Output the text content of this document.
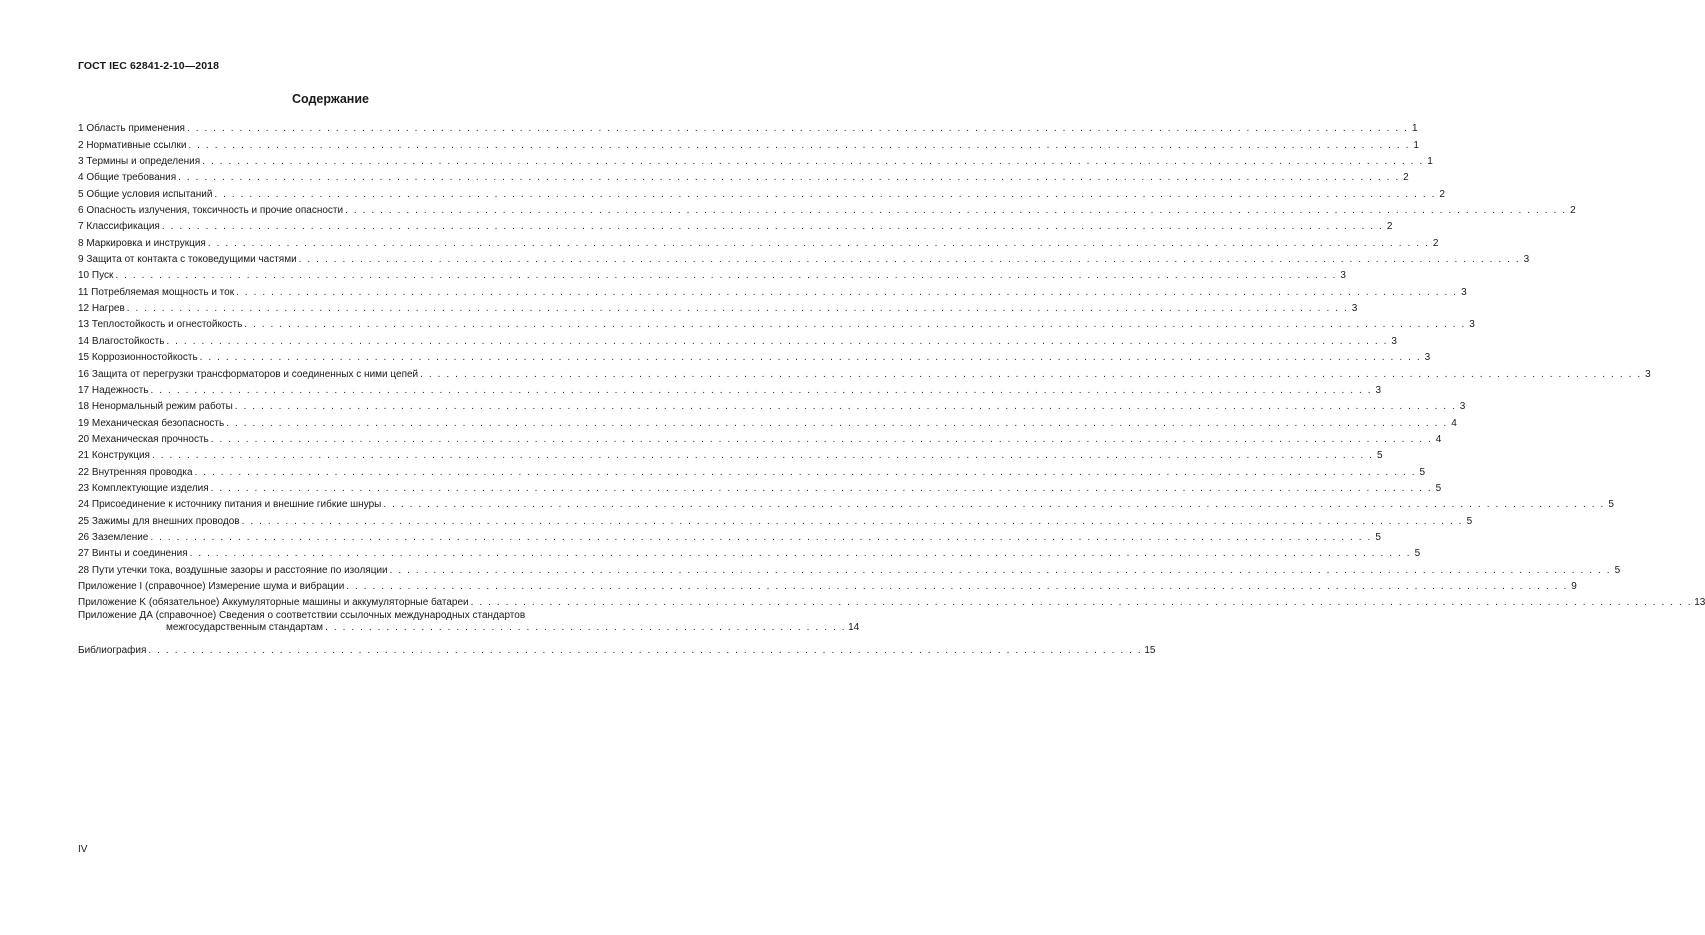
ГОСТ IEC 62841-2-10—2018
Содержание
1 Область применения . . . . . . . . . . . . . . . . . . . . . . . . . . . . . . . . . . . . . . . . . . . . . . . . . . . . . . . . . . . . . . . . . . . . . . . . . . . . . . . . . . . . . . . . . . . . . . . . . . . . . . . . . . . . . . . . . . . . . . . . . . . . . . . . . . . . . . . . . . . . 1
2 Нормативные ссылки . . . . . . . . . . . . . . . . . . . . . . . . . . . . . . . . . . . . . . . . . . . . . . . . . . . . . . . . . . . . . . . . . . . . . . . . . . . . . . . . . . . . . . . . . . . . . . . . . . . . . . . . . . . . . . . . . . . . . . . . . . . . . . . . . . . . . . . . . . . . 1
3 Термины и определения . . . . . . . . . . . . . . . . . . . . . . . . . . . . . . . . . . . . . . . . . . . . . . . . . . . . . . . . . . . . . . . . . . . . . . . . . . . . . . . . . . . . . . . . . . . . . . . . . . . . . . . . . . . . . . . . . . . . . . . . . . . . . . . . . . . . . . . . . . . . 1
4 Общие требования . . . . . . . . . . . . . . . . . . . . . . . . . . . . . . . . . . . . . . . . . . . . . . . . . . . . . . . . . . . . . . . . . . . . . . . . . . . . . . . . . . . . . . . . . . . . . . . . . . . . . . . . . . . . . . . . . . . . . . . . . . . . . . . . . . . . . . . . . . . . 2
5 Общие условия испытаний . . . . . . . . . . . . . . . . . . . . . . . . . . . . . . . . . . . . . . . . . . . . . . . . . . . . . . . . . . . . . . . . . . . . . . . . . . . . . . . . . . . . . . . . . . . . . . . . . . . . . . . . . . . . . . . . . . . . . . . . . . . . . . . . . . . . . . . . . . . . 2
6 Опасность излучения, токсичность и прочие опасности . . . . . . . . . . . . . . . . . . . . . . . . . . . . . . . . . . . . . . . . . . . . . . . . . . . . . . . . . . . . . . . . . . . . . . . . . . . . . . . . . . . . . . . . . . . . . . . . . . . . . . . . . . . . . . . . . . . . . . . . . . . . . . . . . . . . . . . . . . . . 2
7 Классификация . . . . . . . . . . . . . . . . . . . . . . . . . . . . . . . . . . . . . . . . . . . . . . . . . . . . . . . . . . . . . . . . . . . . . . . . . . . . . . . . . . . . . . . . . . . . . . . . . . . . . . . . . . . . . . . . . . . . . . . . . . . . . . . . . . . . . . . . . . . . 2
8 Маркировка и инструкция . . . . . . . . . . . . . . . . . . . . . . . . . . . . . . . . . . . . . . . . . . . . . . . . . . . . . . . . . . . . . . . . . . . . . . . . . . . . . . . . . . . . . . . . . . . . . . . . . . . . . . . . . . . . . . . . . . . . . . . . . . . . . . . . . . . . . . . . . . . . 2
9 Защита от контакта с токоведущими частями . . . . . . . . . . . . . . . . . . . . . . . . . . . . . . . . . . . . . . . . . . . . . . . . . . . . . . . . . . . . . . . . . . . . . . . . . . . . . . . . . . . . . . . . . . . . . . . . . . . . . . . . . . . . . . . . . . . . . . . . . . . . . . . . . . . . . . . . . . . . 3
10 Пуск . . . . . . . . . . . . . . . . . . . . . . . . . . . . . . . . . . . . . . . . . . . . . . . . . . . . . . . . . . . . . . . . . . . . . . . . . . . . . . . . . . . . . . . . . . . . . . . . . . . . . . . . . . . . . . . . . . . . . . . . . . . . . . . . . . . . . . . . . . . . 3
11 Потребляемая мощность и ток . . . . . . . . . . . . . . . . . . . . . . . . . . . . . . . . . . . . . . . . . . . . . . . . . . . . . . . . . . . . . . . . . . . . . . . . . . . . . . . . . . . . . . . . . . . . . . . . . . . . . . . . . . . . . . . . . . . . . . . . . . . . . . . . . . . . . . . . . . . . 3
12 Нагрев . . . . . . . . . . . . . . . . . . . . . . . . . . . . . . . . . . . . . . . . . . . . . . . . . . . . . . . . . . . . . . . . . . . . . . . . . . . . . . . . . . . . . . . . . . . . . . . . . . . . . . . . . . . . . . . . . . . . . . . . . . . . . . . . . . . . . . . . . . . . 3
13 Теплостойкость и огнестойкость . . . . . . . . . . . . . . . . . . . . . . . . . . . . . . . . . . . . . . . . . . . . . . . . . . . . . . . . . . . . . . . . . . . . . . . . . . . . . . . . . . . . . . . . . . . . . . . . . . . . . . . . . . . . . . . . . . . . . . . . . . . . . . . . . . . . . . . . . . . . 3
14 Влагостойкость . . . . . . . . . . . . . . . . . . . . . . . . . . . . . . . . . . . . . . . . . . . . . . . . . . . . . . . . . . . . . . . . . . . . . . . . . . . . . . . . . . . . . . . . . . . . . . . . . . . . . . . . . . . . . . . . . . . . . . . . . . . . . . . . . . . . . . . . . . . . 3
15 Коррозионностойкость . . . . . . . . . . . . . . . . . . . . . . . . . . . . . . . . . . . . . . . . . . . . . . . . . . . . . . . . . . . . . . . . . . . . . . . . . . . . . . . . . . . . . . . . . . . . . . . . . . . . . . . . . . . . . . . . . . . . . . . . . . . . . . . . . . . . . . . . . . . . 3
16 Защита от перегрузки трансформаторов и соединенных с ними цепей . . . . . . . . . . . . . . . . . . . . . . . . . . . . . . . . . . . . . . . . . . . . . . . . . . . . . . . . . . . . . . . . . . . . . . . . . . . . . . . . . . . . . . . . . . . . . . . . . . . . . . . . . . . . . . . . . . . . . . . . . . . . . . . . . . . . . . . . . . . . 3
17 Надежность . . . . . . . . . . . . . . . . . . . . . . . . . . . . . . . . . . . . . . . . . . . . . . . . . . . . . . . . . . . . . . . . . . . . . . . . . . . . . . . . . . . . . . . . . . . . . . . . . . . . . . . . . . . . . . . . . . . . . . . . . . . . . . . . . . . . . . . . . . . . 3
18 Ненормальный режим работы . . . . . . . . . . . . . . . . . . . . . . . . . . . . . . . . . . . . . . . . . . . . . . . . . . . . . . . . . . . . . . . . . . . . . . . . . . . . . . . . . . . . . . . . . . . . . . . . . . . . . . . . . . . . . . . . . . . . . . . . . . . . . . . . . . . . . . . . . . . . 3
19 Механическая безопасность . . . . . . . . . . . . . . . . . . . . . . . . . . . . . . . . . . . . . . . . . . . . . . . . . . . . . . . . . . . . . . . . . . . . . . . . . . . . . . . . . . . . . . . . . . . . . . . . . . . . . . . . . . . . . . . . . . . . . . . . . . . . . . . . . . . . . . . . . . . . 4
20 Механическая прочность . . . . . . . . . . . . . . . . . . . . . . . . . . . . . . . . . . . . . . . . . . . . . . . . . . . . . . . . . . . . . . . . . . . . . . . . . . . . . . . . . . . . . . . . . . . . . . . . . . . . . . . . . . . . . . . . . . . . . . . . . . . . . . . . . . . . . . . . . . . . 4
21 Конструкция . . . . . . . . . . . . . . . . . . . . . . . . . . . . . . . . . . . . . . . . . . . . . . . . . . . . . . . . . . . . . . . . . . . . . . . . . . . . . . . . . . . . . . . . . . . . . . . . . . . . . . . . . . . . . . . . . . . . . . . . . . . . . . . . . . . . . . . . . . . . 5
22 Внутренняя проводка . . . . . . . . . . . . . . . . . . . . . . . . . . . . . . . . . . . . . . . . . . . . . . . . . . . . . . . . . . . . . . . . . . . . . . . . . . . . . . . . . . . . . . . . . . . . . . . . . . . . . . . . . . . . . . . . . . . . . . . . . . . . . . . . . . . . . . . . . . . . 5
23 Комплектующие изделия . . . . . . . . . . . . . . . . . . . . . . . . . . . . . . . . . . . . . . . . . . . . . . . . . . . . . . . . . . . . . . . . . . . . . . . . . . . . . . . . . . . . . . . . . . . . . . . . . . . . . . . . . . . . . . . . . . . . . . . . . . . . . . . . . . . . . . . . . . . . 5
24 Присоединение к источнику питания и внешние гибкие шнуры . . . . . . . . . . . . . . . . . . . . . . . . . . . . . . . . . . . . . . . . . . . . . . . . . . . . . . . . . . . . . . . . . . . . . . . . . . . . . . . . . . . . . . . . . . . . . . . . . . . . . . . . . . . . . . . . . . . . . . . . . . . . . . . . . . . . . . . . . . . . 5
25 Зажимы для внешних проводов . . . . . . . . . . . . . . . . . . . . . . . . . . . . . . . . . . . . . . . . . . . . . . . . . . . . . . . . . . . . . . . . . . . . . . . . . . . . . . . . . . . . . . . . . . . . . . . . . . . . . . . . . . . . . . . . . . . . . . . . . . . . . . . . . . . . . . . . . . . . 5
26 Заземление . . . . . . . . . . . . . . . . . . . . . . . . . . . . . . . . . . . . . . . . . . . . . . . . . . . . . . . . . . . . . . . . . . . . . . . . . . . . . . . . . . . . . . . . . . . . . . . . . . . . . . . . . . . . . . . . . . . . . . . . . . . . . . . . . . . . . . . . . . . . 5
27 Винты и соединения . . . . . . . . . . . . . . . . . . . . . . . . . . . . . . . . . . . . . . . . . . . . . . . . . . . . . . . . . . . . . . . . . . . . . . . . . . . . . . . . . . . . . . . . . . . . . . . . . . . . . . . . . . . . . . . . . . . . . . . . . . . . . . . . . . . . . . . . . . . . 5
28 Пути утечки тока, воздушные зазоры и расстояние по изоляции . . . . . . . . . . . . . . . . . . . . . . . . . . . . . . . . . . . . . . . . . . . . . . . . . . . . . . . . . . . . . . . . . . . . . . . . . . . . . . . . . . . . . . . . . . . . . . . . . . . . . . . . . . . . . . . . . . . . . . . . . . . . . . . . . . . . . . . . . . . . 5
Приложение I (справочное) Измерение шума и вибрации . . . . . . . . . . . . . . . . . . . . . . . . . . . . . . . . . . . . . . . . . . . . . . . . . . . . . . . . . . . . . . . . . . . . . . . . . . . . . . . . . . . . . . . . . . . . . . . . . . . . . . . . . . . . . . . . . . . . . . . . . . . . . . . . . . . . . . . . . . . . 9
Приложение K (обязательное) Аккумуляторные машины и аккумуляторные батареи . . . . . . . . . . . . . . . . . . . . . . . . . . . . . . . . . . . . . . . . . . . . . . . . . . . . . . . . . . . . . . . . . . . . . . . . . . . . . . . . . . . . . . . . . . . . . . . . . . . . . . . . . . . . . . . . . . . . . . . . . . . . . . . . . . . . . . . . . . . . 13
Приложение ДА (справочное) Сведения о соответствии ссылочных международных стандартов
межгосударственным стандартам . . . . . . . . . . . . . . . . . . . . . . . . . . . . . . . . . . . . . . . . . . . . . . . . . . . . . . . . . . . . 14
Библиография . . . . . . . . . . . . . . . . . . . . . . . . . . . . . . . . . . . . . . . . . . . . . . . . . . . . . . . . . . . . . . . . . . . . . . . . . . . . . . . . . . . . . . . . . . . . . . . . . . . . . . . . . . . . . . . . . . 15
IV
